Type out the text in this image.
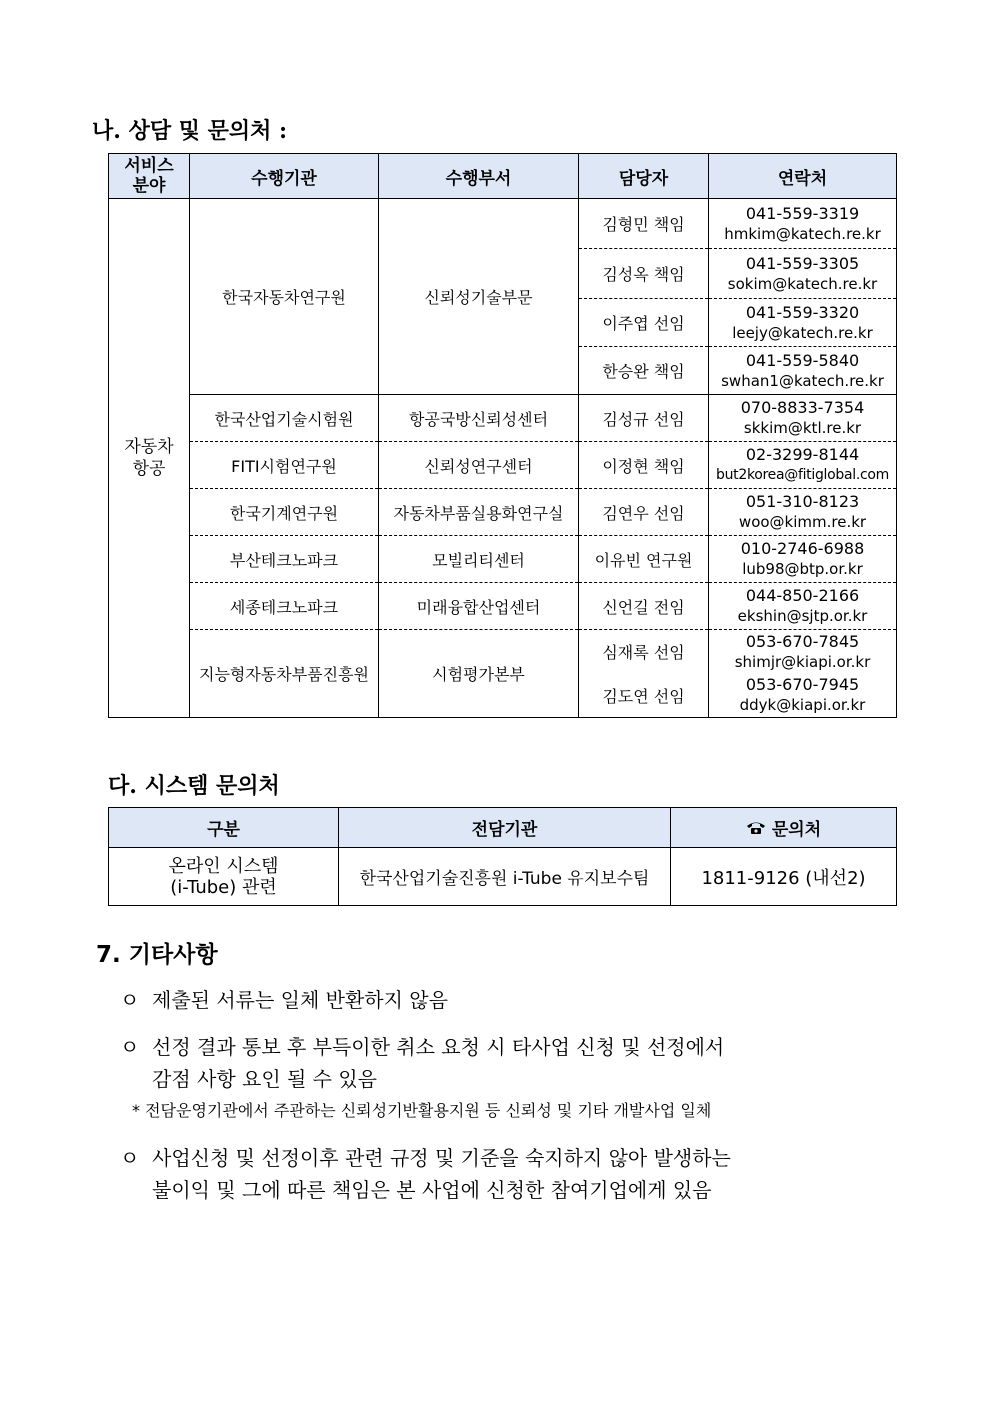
나. 상담 및 문의처 :
서비스
분야	수행기관	수행부서	담당자	연락처
자동차
항공	한국자동차연구원	신뢰성기술부문	김형민 책임	041-559-3319
hmkim@katech.re.kr

			김성옥 책임	041-559-3305
sokim@katech.re.kr

			이주엽 선임	041-559-3320
leejy@katech.re.kr

			한승완 책임	041-559-5840
swhan1@katech.re.kr

	한국산업기술시험원	항공국방신뢰성센터	김성규 선임	070-8833-7354
skkim@ktl.re.kr

	FITI시험연구원	신뢰성연구센터	이정현 책임	02-3299-8144
but2korea@fitiglobal.com

	한국기계연구원	자동차부품실용화연구실	김연우 선임	051-310-8123
woo@kimm.re.kr

	부산테크노파크	모빌리티센터	이유빈 연구원	010-2746-6988
lub98@btp.or.kr

	세종테크노파크	미래융합산업센터	신언길 전임	044-850-2166
ekshin@sjtp.or.kr

	지능형자동차부품진흥원	시험평가본부	심재록 선임	053-670-7845
shimjr@kiapi.or.kr

			김도연 선임	053-670-7945
ddyk@kiapi.or.kr
다. 시스템 문의처
구분	전담기관	문의처

온라인 시스템
(i-Tube) 관련	한국산업기술진흥원 i-Tube 유지보수팀	1811-9126 (내선2)
7. 기타사항
ㅇ 제출된 서류는 일체 반환하지 않음
ㅇ 선정 결과 통보 후 부득이한 취소 요청 시 타사업 신청 및 선정에서
감점 사항 요인 될 수 있음
* 전담운영기관에서 주관하는 신뢰성기반활용지원 등 신뢰성 및 기타 개발사업 일체
ㅇ 사업신청 및 선정이후 관련 규정 및 기준을 숙지하지 않아 발생하는
불이익 및 그에 따른 책임은 본 사업에 신청한 참여기업에게 있음
